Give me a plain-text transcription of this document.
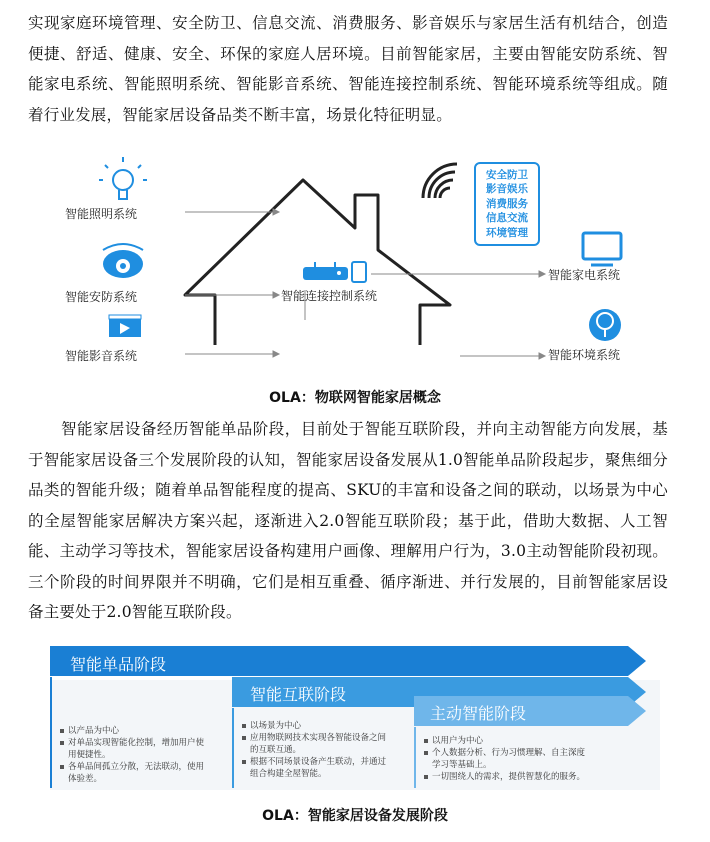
实现家庭环境管理、安全防卫、信息交流、消费服务、影音娱乐与家居生活有机结合，创造便捷、舒适、健康、安全、环保的家庭人居环境。目前智能家居，主要由智能安防系统、智能家电系统、智能照明系统、智能影音系统、智能连接控制系统、智能环境系统等组成。随着行业发展，智能家居设备品类不断丰富，场景化特征明显。
智能照明系统
智能安防系统
智能影音系统
智能连接控制系统
智能家电系统
智能环境系统
安全防卫
影音娱乐
消费服务
信息交流
环境管理
OLA：物联网智能家居概念
智能家居设备经历智能单品阶段，目前处于智能互联阶段，并向主动智能方向发展，基于智能家居设备三个发展阶段的认知，智能家居设备发展从1.0智能单品阶段起步，聚焦细分品类的智能升级；随着单品智能程度的提高、SKU的丰富和设备之间的联动，以场景为中心的全屋智能家居解决方案兴起，逐渐进入2.0智能互联阶段；基于此，借助大数据、人工智能、主动学习等技术，智能家居设备构建用户画像、理解用户行为，3.0主动智能阶段初现。三个阶段的时间界限并不明确，它们是相互重叠、循序渐进、并行发展的，目前智能家居设备主要处于2.0智能互联阶段。
智能单品阶段
智能互联阶段
主动智能阶段
以产品为中心
对单品实现智能化控制，增加用户使用便捷性。
各单品间孤立分散，无法联动，使用体验差。
以场景为中心
应用物联网技术实现各智能设备之间的互联互通。
根据不同场景设备产生联动，并通过组合构建全屋智能。
以用户为中心
个人数据分析、行为习惯理解、自主深度学习等基础上。
一切围绕人的需求，提供智慧化的服务。
OLA：智能家居设备发展阶段
